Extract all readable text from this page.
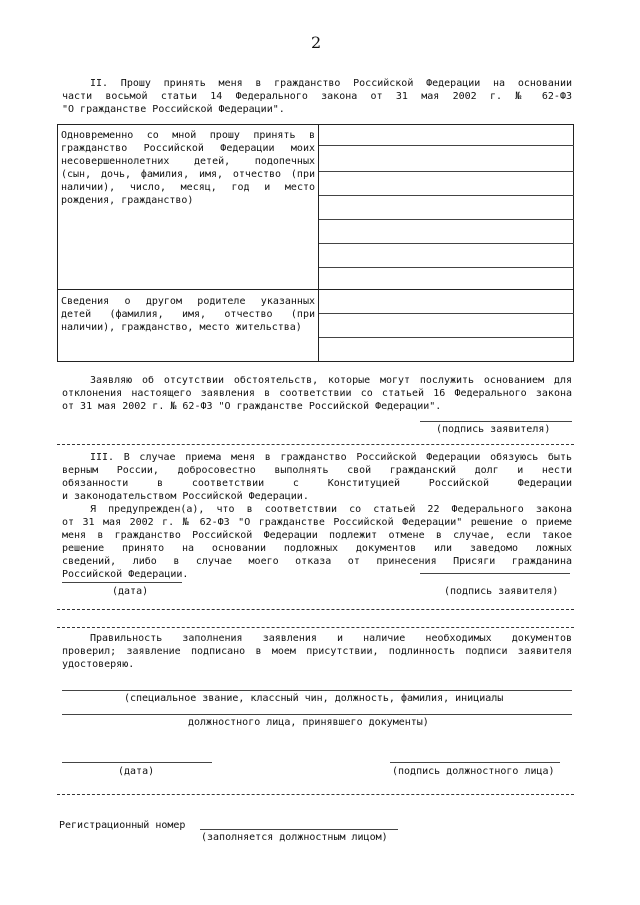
2
II. Прошу принять меня в гражданство Российской Федерации на основании
части восьмой статьи 14 Федерального закона от 31 мая 2002 г. № 62-ФЗ
"О гражданстве Российской Федерации".
Одновременно со мной прошу принять в
гражданство Российской Федерации моих
несовершеннолетних детей, подопечных
(сын, дочь, фамилия, имя, отчество (при
наличии), число, месяц, год и место
рождения, гражданство)
Сведения о другом родителе указанных
детей (фамилия, имя, отчество (при
наличии), гражданство, место жительства)
Заявляю об отсутствии обстоятельств, которые могут послужить основанием для
отклонения настоящего заявления в соответствии со статьей 16 Федерального закона
от 31 мая 2002 г. № 62-ФЗ "О гражданстве Российской Федерации".
(подпись заявителя)
III. В случае приема меня в гражданство Российской Федерации обязуюсь быть
верным России, добросовестно выполнять свой гражданский долг и нести
обязанности в соответствии с Конституцией Российской Федерации
и законодательством Российской Федерации.
Я предупрежден(а), что в соответствии со статьей 22 Федерального закона
от 31 мая 2002 г. № 62-ФЗ "О гражданстве Российской Федерации" решение о приеме
меня в гражданство Российской Федерации подлежит отмене в случае, если такое
решение принято на основании подложных документов или заведомо ложных
сведений, либо в случае моего отказа от принесения Присяги гражданина
Российской Федерации.
(дата)	(подпись заявителя)
Правильность заполнения заявления и наличие необходимых документов
проверил; заявление подписано в моем присутствии, подлинность подписи заявителя
удостоверяю.
(специальное звание, классный чин, должность, фамилия, инициалы
должностного лица, принявшего документы)
(дата)	(подпись должностного лица)
Регистрационный номер
(заполняется должностным лицом)
